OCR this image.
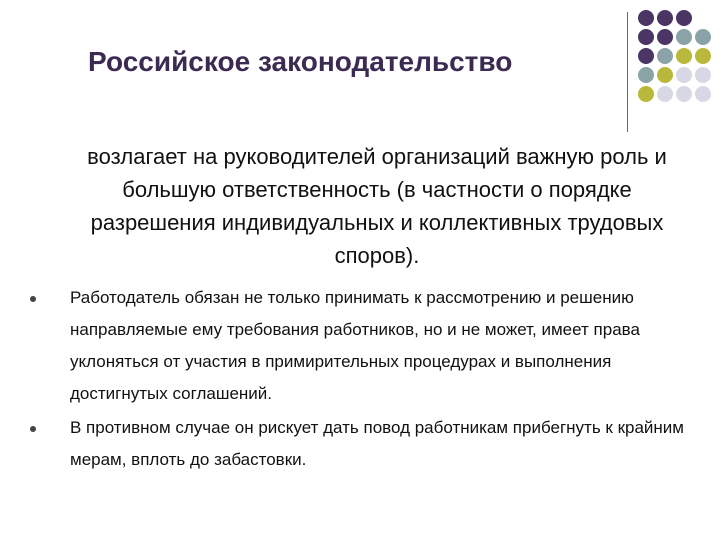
Российское законодательство
возлагает на руководителей организаций важную роль и большую ответственность (в частности о порядке разрешения индивидуальных и коллективных трудовых споров).
Работодатель обязан не только принимать к рассмотрению и решению направляемые ему требования работников, но и не может, имеет права уклоняться от участия в примирительных процедурах и выполнения достигнутых соглашений.
В противном случае он рискует дать повод работникам прибегнуть к крайним мерам, вплоть до забастовки.
